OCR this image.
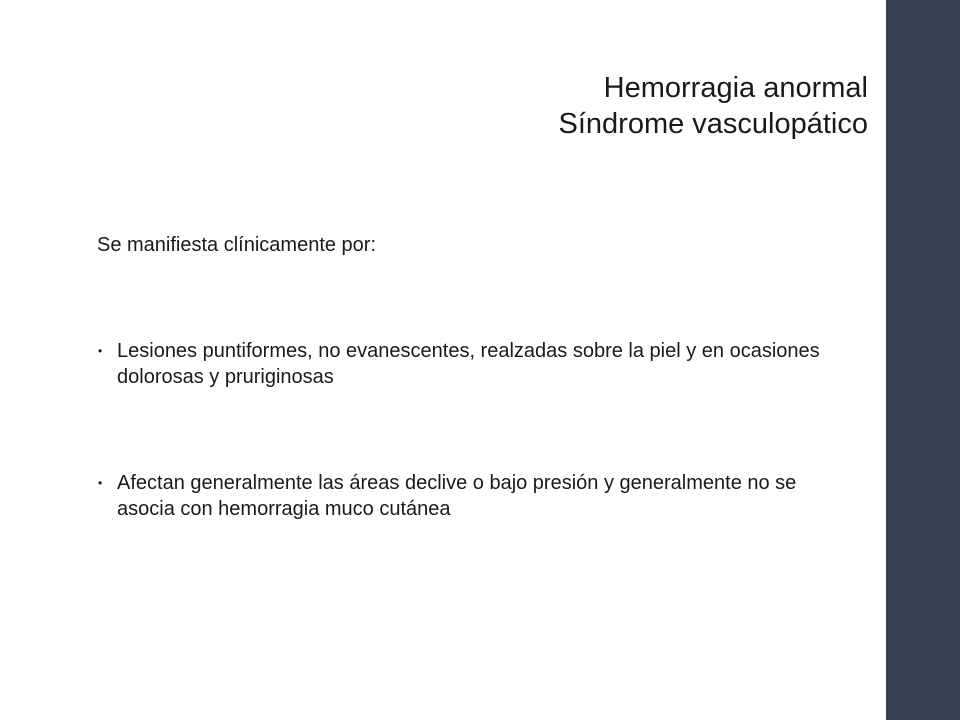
Hemorragia anormal
Síndrome vasculopático
Se manifiesta clínicamente por:
• Lesiones puntiformes, no evanescentes, realzadas sobre la piel y en ocasiones dolorosas y pruriginosas
• Afectan generalmente las áreas declive o bajo presión y generalmente no se asocia con hemorragia muco cutánea
